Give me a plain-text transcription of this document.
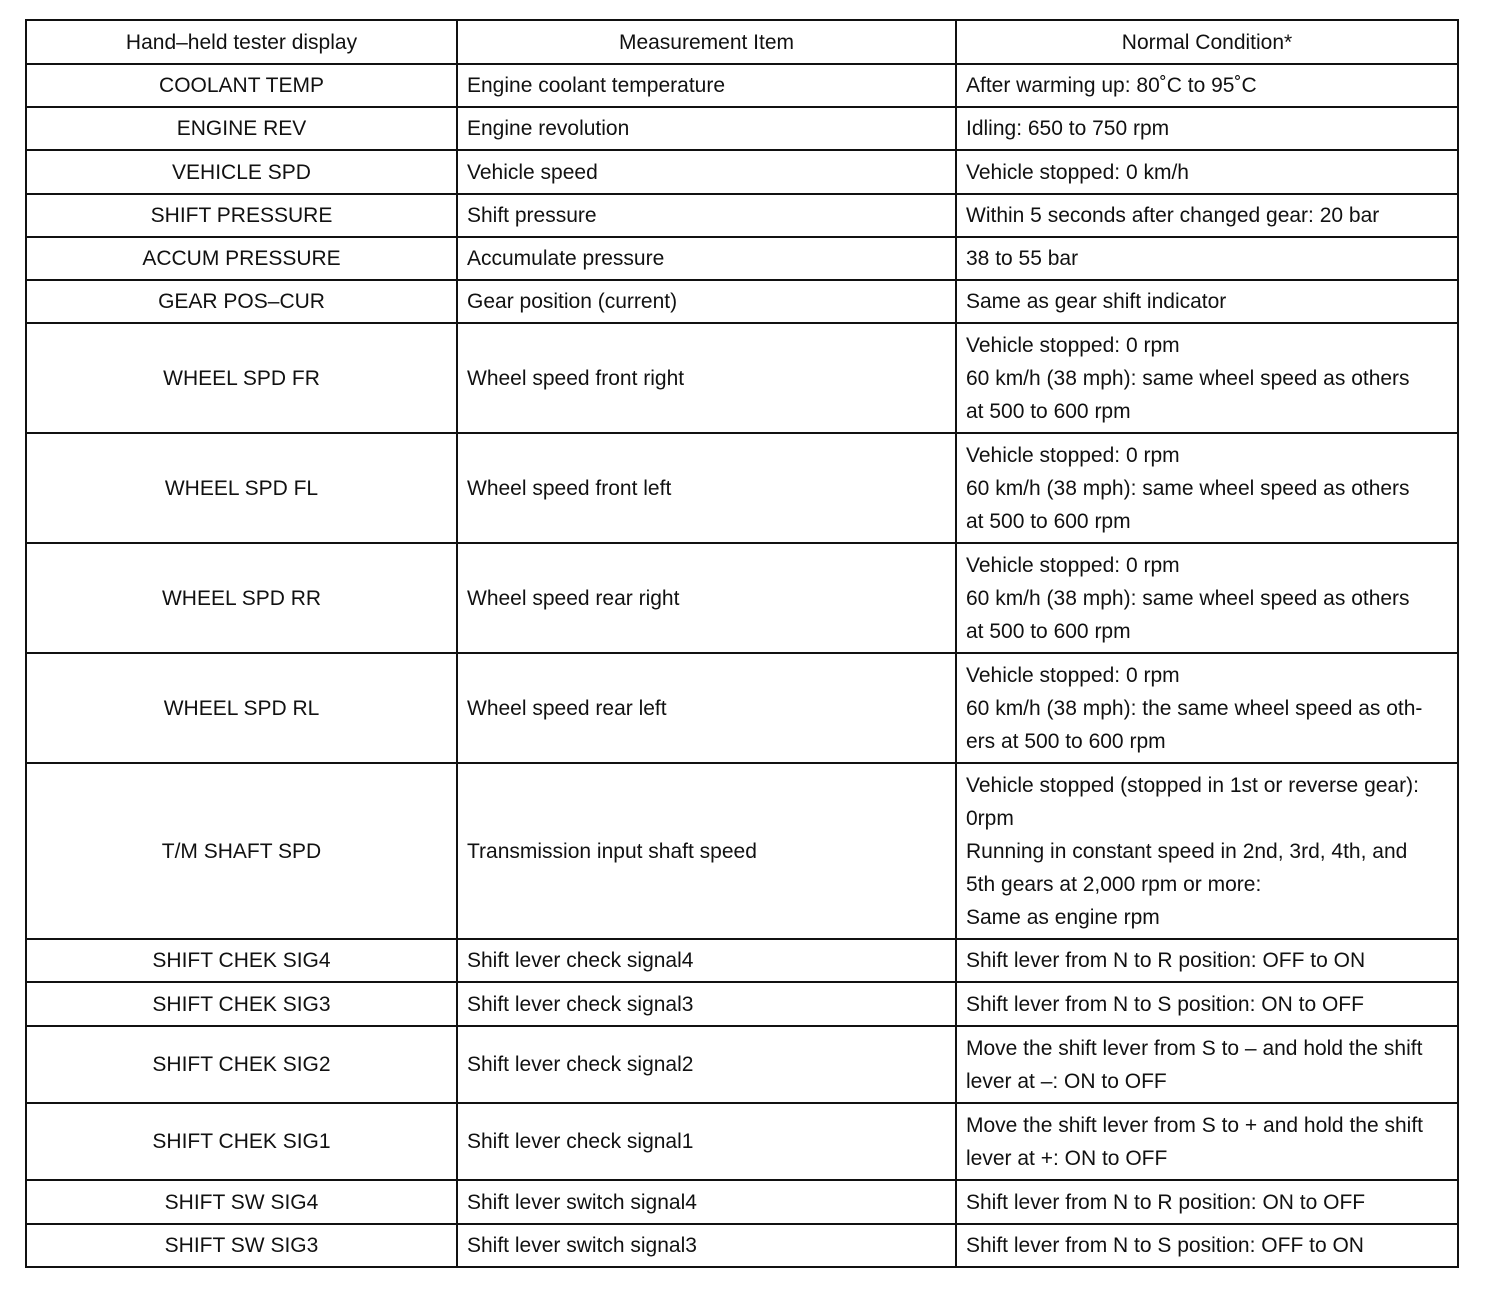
Hand–held tester display	Measurement Item	Normal Condition*
COOLANT TEMP	Engine coolant temperature	After warming up: 80˚C to 95˚C

ENGINE REV	Engine revolution	Idling: 650 to 750 rpm

VEHICLE SPD	Vehicle speed	Vehicle stopped: 0 km/h

SHIFT PRESSURE	Shift pressure	Within 5 seconds after changed gear: 20 bar

ACCUM PRESSURE	Accumulate pressure	38 to 55 bar

GEAR POS–CUR	Gear position (current)	Same as gear shift indicator

WHEEL SPD FR	Wheel speed front right	Vehicle stopped: 0 rpm
60 km/h (38 mph): same wheel speed as others
at 500 to 600 rpm

WHEEL SPD FL	Wheel speed front left	Vehicle stopped: 0 rpm
60 km/h (38 mph): same wheel speed as others
at 500 to 600 rpm

WHEEL SPD RR	Wheel speed rear right	Vehicle stopped: 0 rpm
60 km/h (38 mph): same wheel speed as others
at 500 to 600 rpm

WHEEL SPD RL	Wheel speed rear left	Vehicle stopped: 0 rpm
60 km/h (38 mph): the same wheel speed as oth-
ers at 500 to 600 rpm

T/M SHAFT SPD	Transmission input shaft speed	Vehicle stopped (stopped in 1st or reverse gear):
0rpm
Running in constant speed in 2nd, 3rd, 4th, and
5th gears at 2,000 rpm or more:
Same as engine rpm

SHIFT CHEK SIG4	Shift lever check signal4	Shift lever from N to R position: OFF to ON

SHIFT CHEK SIG3	Shift lever check signal3	Shift lever from N to S position: ON to OFF

SHIFT CHEK SIG2	Shift lever check signal2	Move the shift lever from S to – and hold the shift
lever at –: ON to OFF

SHIFT CHEK SIG1	Shift lever check signal1	Move the shift lever from S to + and hold the shift
lever at +: ON to OFF

SHIFT SW SIG4	Shift lever switch signal4	Shift lever from N to R position: ON to OFF

SHIFT SW SIG3	Shift lever switch signal3	Shift lever from N to S position: OFF to ON
